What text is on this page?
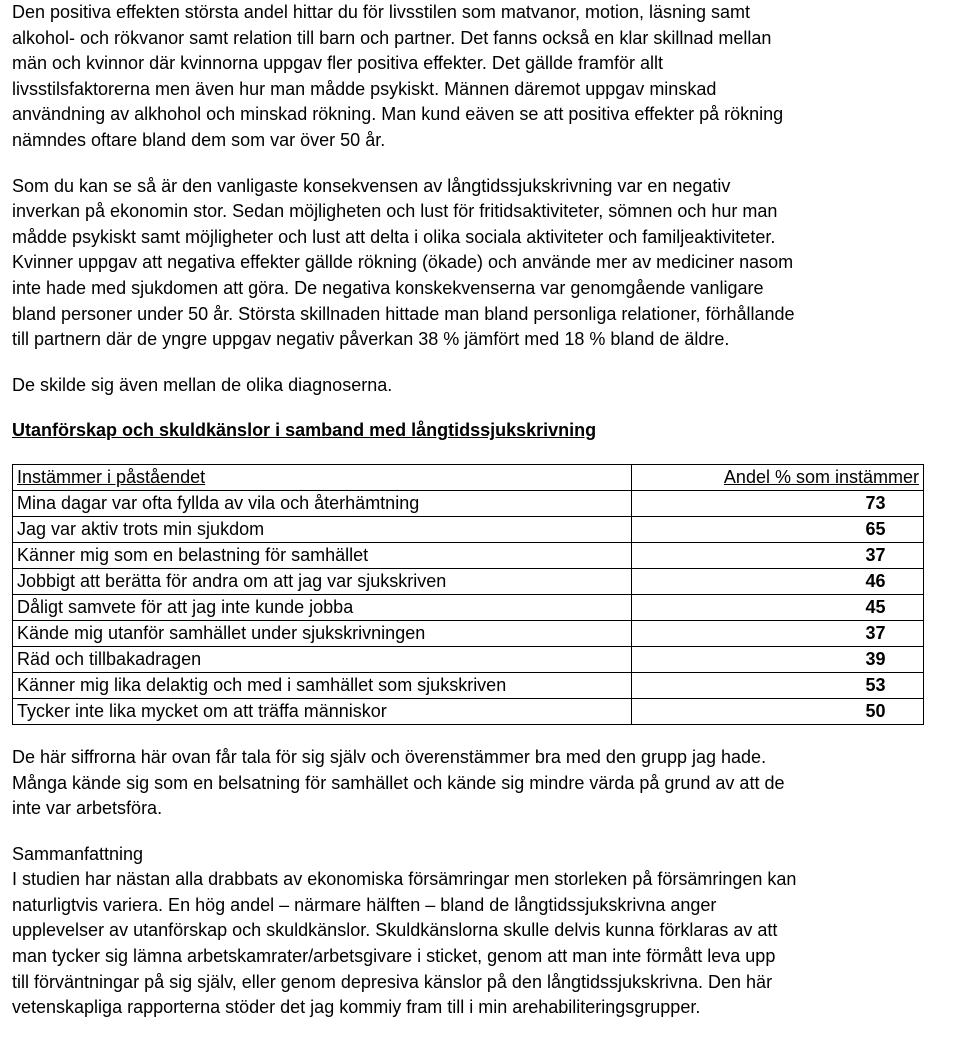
Den positiva effekten största andel hittar du för livsstilen som matvanor, motion, läsning samt

alkohol- och rökvanor samt relation till barn och partner. Det fanns också en klar skillnad mellan

män och kvinnor där kvinnorna uppgav fler positiva effekter. Det gällde framför allt

livsstilsfaktorerna men även hur man mådde psykiskt. Männen däremot uppgav minskad

användning av alkhohol och minskad rökning. Man kund eäven se att positiva effekter på rökning

nämndes oftare bland dem som var över 50 år.

Som du kan se så är den vanligaste konsekvensen av långtidssjukskrivning var en negativ

inverkan på ekonomin stor. Sedan möjligheten och lust för fritidsaktiviteter, sömnen och hur man

mådde psykiskt samt möjligheter och lust att delta i olika sociala aktiviteter och familjeaktiviteter.

Kvinner uppgav att negativa effekter gällde rökning (ökade) och använde mer av mediciner nasom

inte hade med sjukdomen att göra. De negativa konskekvenserna var genomgående vanligare

bland personer under 50 år. Största skillnaden hittade man bland personliga relationer, förhållande

till partnern där de yngre uppgav negativ påverkan 38 % jämfört med 18 % bland de äldre.

De skilde sig även mellan de olika diagnoserna.

Utanförskap och skuldkänslor i samband med långtidssjukskrivning
Instämmer i påståendet	Andel % som instämmer
Mina dagar var ofta fyllda av vila och återhämtning	73
Jag var aktiv trots min sjukdom	65
Känner mig som en belastning för samhället	37
Jobbigt att berätta för andra om att jag var sjukskriven	46
Dåligt samvete för att jag inte kunde jobba	45
Kände mig utanför samhället under sjukskrivningen	37
Räd och tillbakadragen	39
Känner mig lika delaktig och med i samhället som sjukskriven	53
Tycker inte lika mycket om att träffa människor	50

De här siffrorna här ovan får tala för sig själv och överenstämmer bra med den grupp jag hade.

Många kände sig som en belsatning för samhället och kände sig mindre värda på grund av att de

inte var arbetsföra.

Sammanfattning

I studien har nästan alla drabbats av ekonomiska försämringar men storleken på försämringen kan

naturligtvis variera. En hög andel – närmare hälften – bland de långtidssjukskrivna anger

upplevelser av utanförskap och skuldkänslor. Skuldkänslorna skulle delvis kunna förklaras av att

man tycker sig lämna arbetskamrater/arbetsgivare i sticket, genom att man inte förmått leva upp

till förväntningar på sig själv, eller genom depresiva känslor på den långtidssjukskrivna. Den här

vetenskapliga rapporterna stöder det jag kommiy fram till i min arehabiliteringsgrupper.
